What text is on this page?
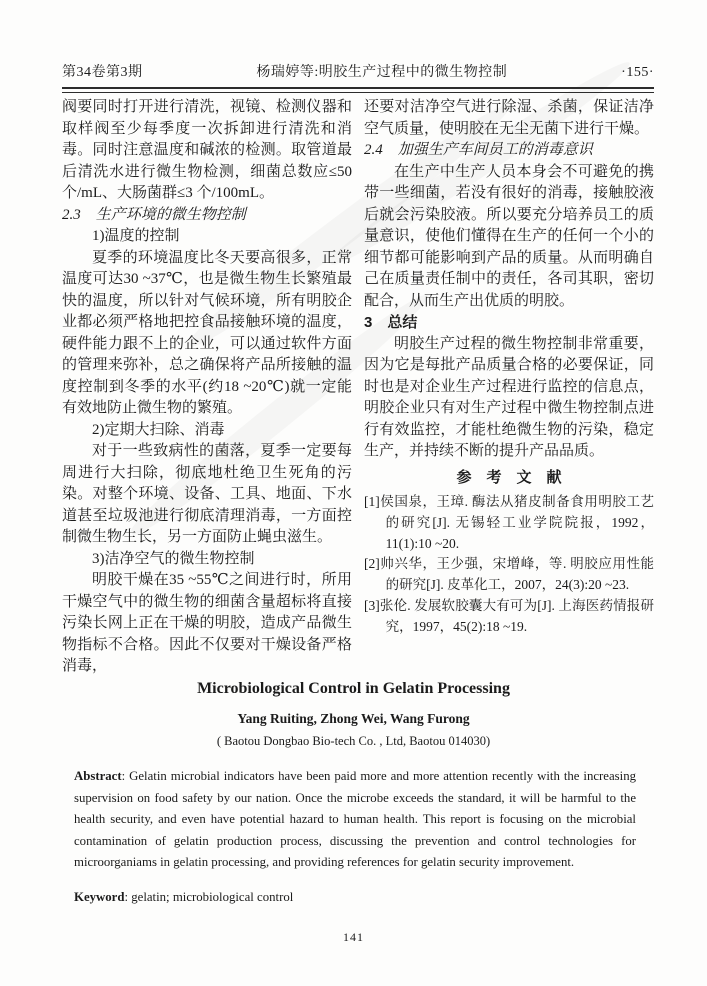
第34卷第3期	杨瑞婷等:明胶生产过程中的微生物控制	·155·
阀要同时打开进行清洗，视镜、检测仪器和取样阀至少每季度一次拆卸进行清洗和消毒。同时注意温度和碱浓的检测。取管道最后清洗水进行微生物检测，细菌总数应≤50 个/mL、大肠菌群≤3 个/100mL。
2.3　生产环境的微生物控制
1)温度的控制
夏季的环境温度比冬天要高很多，正常温度可达30 ~37℃，也是微生物生长繁殖最快的温度，所以针对气候环境，所有明胶企业都必须严格地把控食品接触环境的温度，硬件能力跟不上的企业，可以通过软件方面的管理来弥补，总之确保将产品所接触的温度控制到冬季的水平(约18 ~20℃)就一定能有效地防止微生物的繁殖。
2)定期大扫除、消毒
对于一些致病性的菌落，夏季一定要每周进行大扫除，彻底地杜绝卫生死角的污染。对整个环境、设备、工具、地面、下水道甚至垃圾池进行彻底清理消毒，一方面控制微生物生长，另一方面防止蝇虫滋生。
3)洁净空气的微生物控制
明胶干燥在35 ~55℃之间进行时，所用干燥空气中的微生物的细菌含量超标将直接污染长网上正在干燥的明胶，造成产品微生物指标不合格。因此不仅要对干燥设备严格消毒，
还要对洁净空气进行除湿、杀菌，保证洁净空气质量，使明胶在无尘无菌下进行干燥。
2.4　加强生产车间员工的消毒意识
在生产中生产人员本身会不可避免的携带一些细菌，若没有很好的消毒，接触胶液后就会污染胶液。所以要充分培养员工的质量意识，使他们懂得在生产的任何一个小的细节都可能影响到产品的质量。从而明确自己在质量责任制中的责任，各司其职，密切配合，从而生产出优质的明胶。
3　总结
明胶生产过程的微生物控制非常重要，因为它是每批产品质量合格的必要保证，同时也是对企业生产过程进行监控的信息点，明胶企业只有对生产过程中微生物控制点进行有效监控，才能杜绝微生物的污染，稳定生产，并持续不断的提升产品品质。
参　考　文　献
[1]侯国泉，王璋. 酶法从猪皮制备食用明胶工艺的研究[J]. 无锡轻工业学院院报，1992，11(1):10 ~20.
[2]帅兴华，王少强，宋增峰，等. 明胶应用性能的研究[J]. 皮革化工，2007，24(3):20 ~23.
[3]张伦. 发展软胶囊大有可为[J]. 上海医药情报研究，1997，45(2):18 ~19.
Microbiological Control in Gelatin Processing
Yang Ruiting, Zhong Wei, Wang Furong
( Baotou Dongbao Bio-tech Co. , Ltd, Baotou 014030)
Abstract: Gelatin microbial indicators have been paid more and more attention recently with the increasing supervision on food safety by our nation. Once the microbe exceeds the standard, it will be harmful to the health security, and even have potential hazard to human health. This report is focusing on the microbial contamination of gelatin production process, discussing the prevention and control technologies for microorganiams in gelatin processing, and providing references for gelatin security improvement.
Keyword: gelatin; microbiological control
141
